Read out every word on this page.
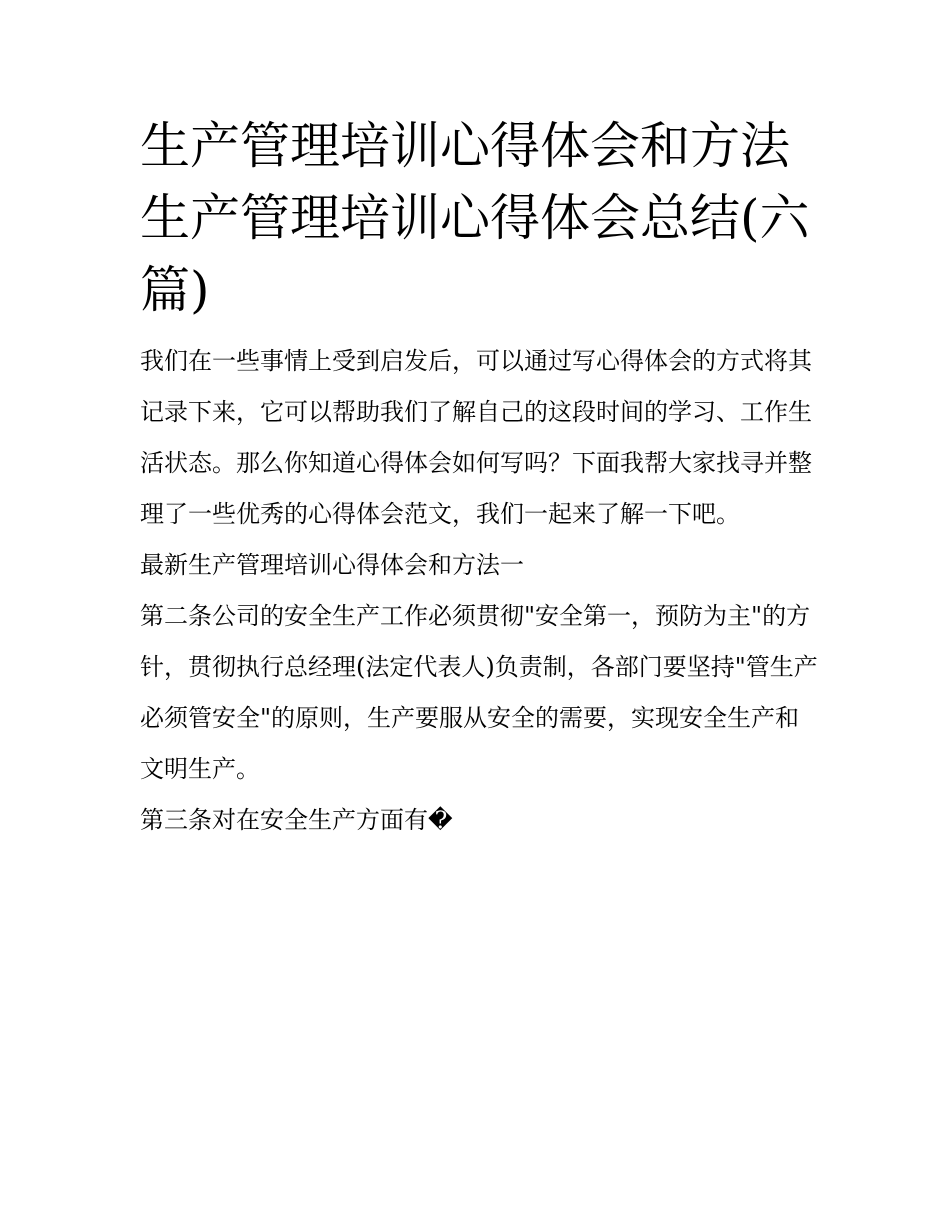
生产管理培训心得体会和方法生产管理培训心得体会总结(六篇)

我们在一些事情上受到启发后，可以通过写心得体会的方式将其记录下来，它可以帮助我们了解自己的这段时间的学习、工作生活状态。那么你知道心得体会如何写吗？下面我帮大家找寻并整理了一些优秀的心得体会范文，我们一起来了解一下吧。

最新生产管理培训心得体会和方法一

第二条公司的安全生产工作必须贯彻"安全第一，预防为主"的方针，贯彻执行总经理(法定代表人)负责制，各部门要坚持"管生产必须管安全"的原则，生产要服从安全的需要，实现安全生产和文明生产。

第三条对在安全生产方面有�
